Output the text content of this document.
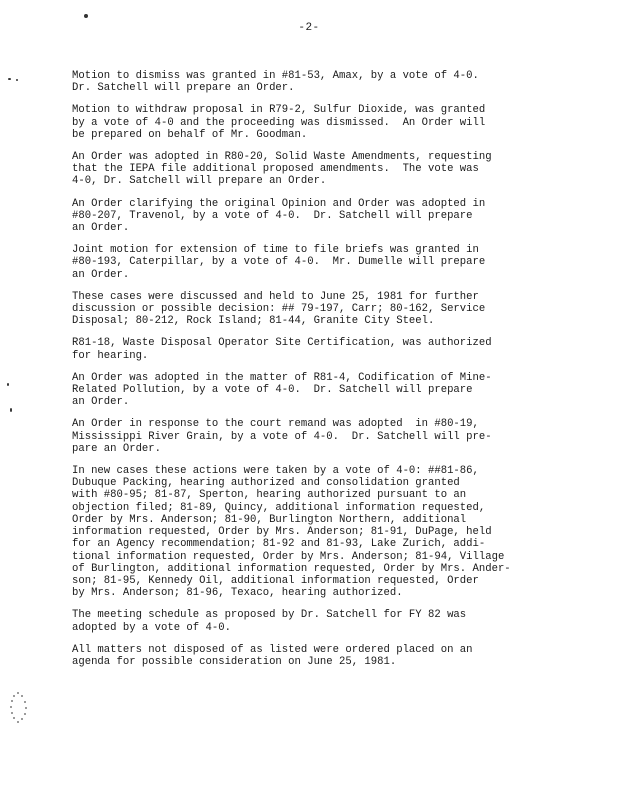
-2-

Motion to dismiss was granted in #81-53, Amax, by a vote of 4-0.
Dr. Satchell will prepare an Order.

Motion to withdraw proposal in R79-2, Sulfur Dioxide, was granted
by a vote of 4-0 and the proceeding was dismissed.  An Order will
be prepared on behalf of Mr. Goodman.

An Order was adopted in R80-20, Solid Waste Amendments, requesting
that the IEPA file additional proposed amendments.  The vote was
4-0, Dr. Satchell will prepare an Order.

An Order clarifying the original Opinion and Order was adopted in
#80-207, Travenol, by a vote of 4-0.  Dr. Satchell will prepare
an Order.

Joint motion for extension of time to file briefs was granted in
#80-193, Caterpillar, by a vote of 4-0.  Mr. Dumelle will prepare
an Order.

These cases were discussed and held to June 25, 1981 for further
discussion or possible decision: ## 79-197, Carr; 80-162, Service
Disposal; 80-212, Rock Island; 81-44, Granite City Steel.

R81-18, Waste Disposal Operator Site Certification, was authorized
for hearing.

An Order was adopted in the matter of R81-4, Codification of Mine-
Related Pollution, by a vote of 4-0.  Dr. Satchell will prepare
an Order.

An Order in response to the court remand was adopted  in #80-19,
Mississippi River Grain, by a vote of 4-0.  Dr. Satchell will pre-
pare an Order.

In new cases these actions were taken by a vote of 4-0: ##81-86,
Dubuque Packing, hearing authorized and consolidation granted
with #80-95; 81-87, Sperton, hearing authorized pursuant to an
objection filed; 81-89, Quincy, additional information requested,
Order by Mrs. Anderson; 81-90, Burlington Northern, additional
information requested, Order by Mrs. Anderson; 81-91, DuPage, held
for an Agency recommendation; 81-92 and 81-93, Lake Zurich, addi-
tional information requested, Order by Mrs. Anderson; 81-94, Village
of Burlington, additional information requested, Order by Mrs. Ander-
son; 81-95, Kennedy Oil, additional information requested, Order
by Mrs. Anderson; 81-96, Texaco, hearing authorized.

The meeting schedule as proposed by Dr. Satchell for FY 82 was
adopted by a vote of 4-0.

All matters not disposed of as listed were ordered placed on an
agenda for possible consideration on June 25, 1981.
